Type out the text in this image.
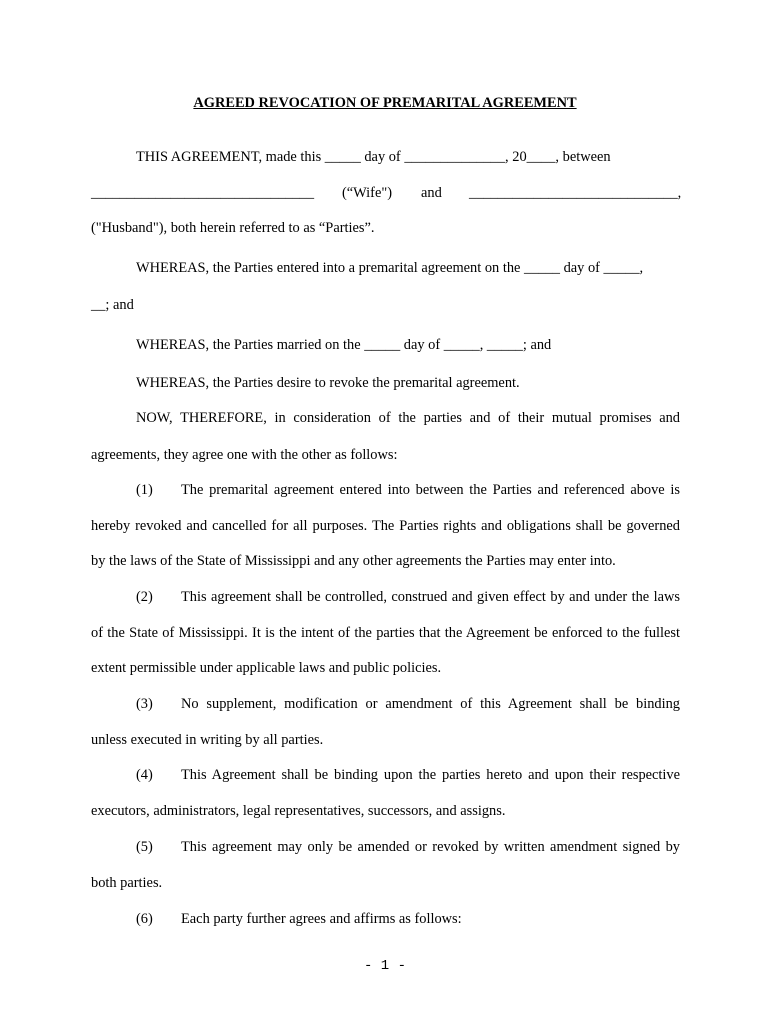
AGREED REVOCATION OF PREMARITAL AGREEMENT
THIS AGREEMENT, made this _____ day of ______________, 20____, between
_______________________________ (“Wife") and _____________________________,
("Husband"), both herein referred to as “Parties”.
WHEREAS, the Parties entered into a premarital agreement on the _____ day of _____,
__; and
WHEREAS, the Parties married on the _____ day of _____, _____; and
WHEREAS, the Parties desire to revoke the premarital agreement.
NOW, THEREFORE, in consideration of the parties and of their mutual promises and
agreements, they agree one with the other as follows:
(1) The premarital agreement entered into between the Parties and referenced above is
hereby revoked and cancelled for all purposes. The Parties rights and obligations shall be governed
by the laws of the State of Mississippi and any other agreements the Parties may enter into.
(2) This agreement shall be controlled, construed and given effect by and under the laws
of the State of Mississippi. It is the intent of the parties that the Agreement be enforced to the fullest
extent permissible under applicable laws and public policies.
(3) No supplement, modification or amendment of this Agreement shall be binding
unless executed in writing by all parties.
(4) This Agreement shall be binding upon the parties hereto and upon their respective
executors, administrators, legal representatives, successors, and assigns.
(5) This agreement may only be amended or revoked by written amendment signed by
both parties.
(6) Each party further agrees and affirms as follows:
- 1 -
